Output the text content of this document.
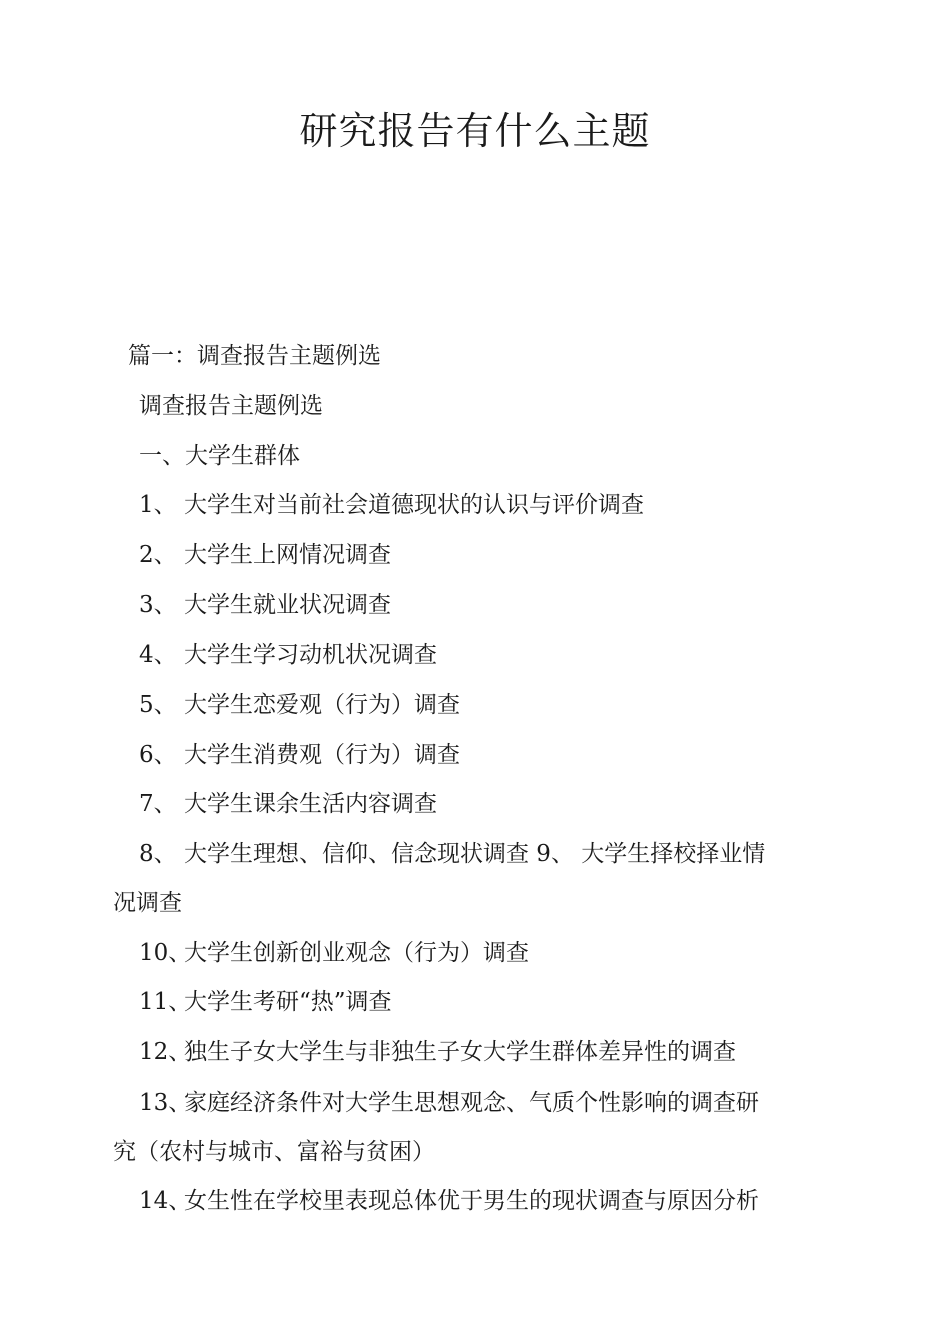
研究报告有什么主题
篇一：调查报告主题例选
调查报告主题例选
一、大学生群体
1、 大学生对当前社会道德现状的认识与评价调查
2、 大学生上网情况调查
3、 大学生就业状况调查
4、 大学生学习动机状况调查
5、 大学生恋爱观（行为）调查
6、 大学生消费观（行为）调查
7、 大学生课余生活内容调查
8、 大学生理想、信仰、信念现状调查 9、 大学生择校择业情
况调查
10、大学生创新创业观念（行为）调查
11、大学生考研“热”调查
12、独生子女大学生与非独生子女大学生群体差异性的调查
13、家庭经济条件对大学生思想观念、气质个性影响的调查研
究（农村与城市、富裕与贫困）
14、女生性在学校里表现总体优于男生的现状调查与原因分析
